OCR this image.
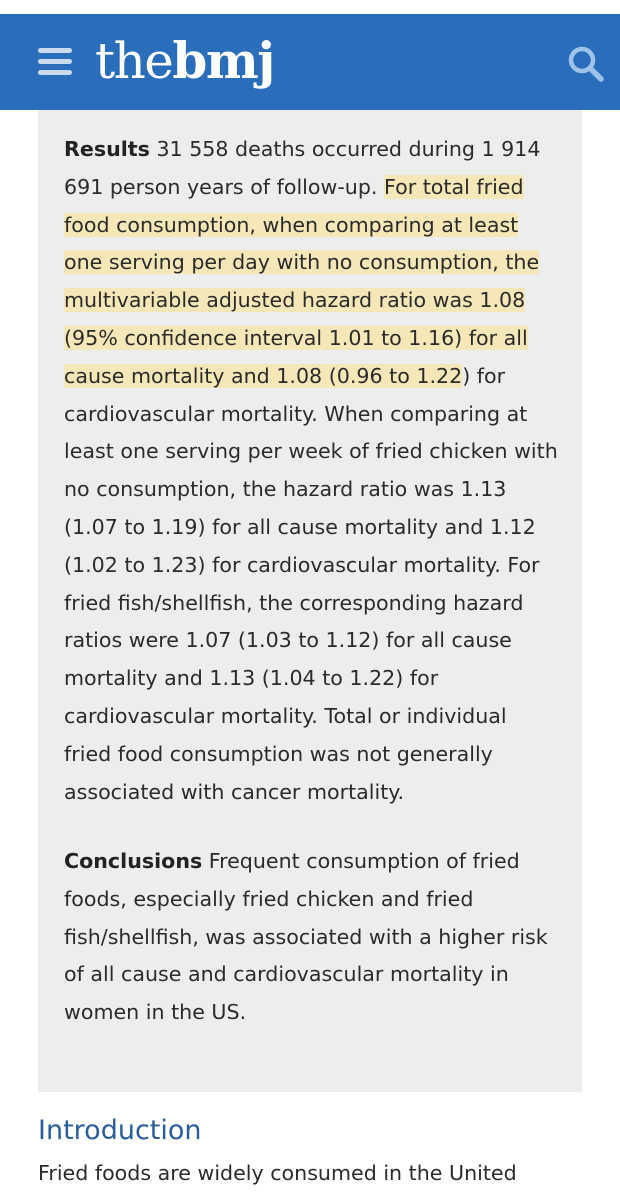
thebmj

Results 31 558 deaths occurred during 1 914 691 person years of follow-up. For total fried food consumption, when comparing at least one serving per day with no consumption, the multivariable adjusted hazard ratio was 1.08 (95% confidence interval 1.01 to 1.16) for all cause mortality and 1.08 (0.96 to 1.22) for cardiovascular mortality. When comparing at least one serving per week of fried chicken with no consumption, the hazard ratio was 1.13 (1.07 to 1.19) for all cause mortality and 1.12 (1.02 to 1.23) for cardiovascular mortality. For fried fish/shellfish, the corresponding hazard ratios were 1.07 (1.03 to 1.12) for all cause mortality and 1.13 (1.04 to 1.22) for cardiovascular mortality. Total or individual fried food consumption was not generally associated with cancer mortality.

Conclusions Frequent consumption of fried foods, especially fried chicken and fried fish/shellfish, was associated with a higher risk of all cause and cardiovascular mortality in women in the US.

Introduction

Fried foods are widely consumed in the United
